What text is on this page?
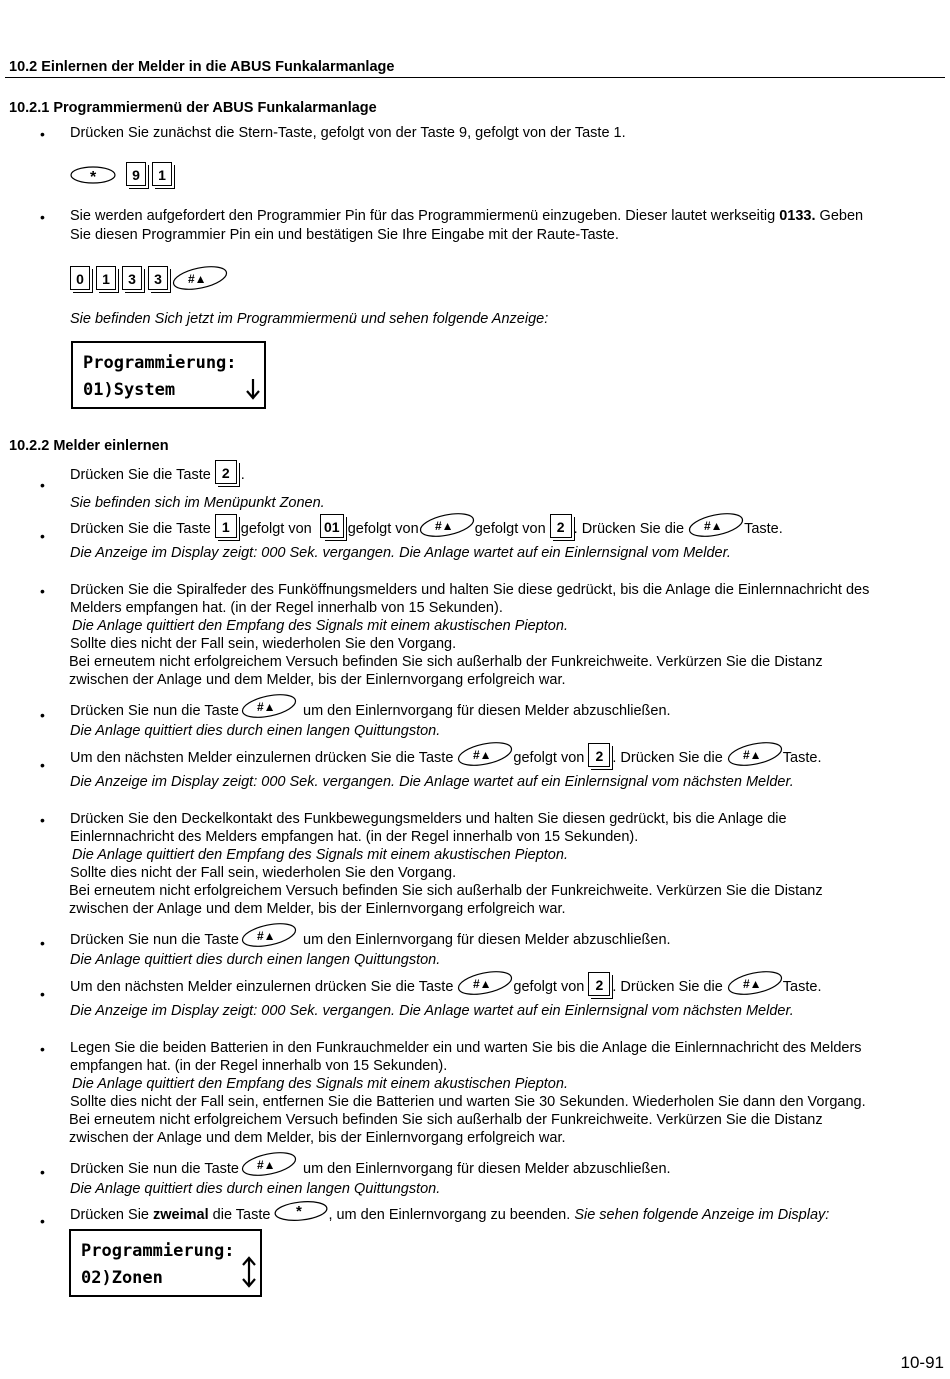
10.2 Einlernen der Melder in die ABUS Funkalarmanlage
10.2.1 Programmiermenü der ABUS Funkalarmanlage
• Drücken Sie zunächst die Stern-Taste, gefolgt von der Taste 9, gefolgt von der Taste 1.
*	9	1
• Sie werden aufgefordert den Programmier Pin für das Programmiermenü einzugeben. Dieser lautet werkseitig 0133. Geben
Sie diesen Programmier Pin ein und bestätigen Sie Ihre Eingabe mit der Raute-Taste.
0	1	3	3	#▲
Sie befinden Sich jetzt im Programmiermenü und sehen folgende Anzeige:
Programmierung:
01)System
10.2.2 Melder einlernen
•
Drücken Sie die Taste 2 .
Sie befinden sich im Menüpunkt Zonen.
• Drücken Sie die Taste 1 gefolgt von 01 gefolgt von #▲ gefolgt von 2 . Drücken Sie die #▲ Taste.
Die Anzeige im Display zeigt: 000 Sek. vergangen. Die Anlage wartet auf ein Einlernsignal vom Melder.
• Drücken Sie die Spiralfeder des Funköffnungsmelders und halten Sie diese gedrückt, bis die Anlage die Einlernnachricht des
Melders empfangen hat. (in der Regel innerhalb von 15 Sekunden).
Die Anlage quittiert den Empfang des Signals mit einem akustischen Piepton.
Sollte dies nicht der Fall sein, wiederholen Sie den Vorgang.
Bei erneutem nicht erfolgreichem Versuch befinden Sie sich außerhalb der Funkreichweite. Verkürzen Sie die Distanz
zwischen der Anlage und dem Melder, bis der Einlernvorgang erfolgreich war.
• Drücken Sie nun die Taste #▲ um den Einlernvorgang für diesen Melder abzuschließen.
Die Anlage quittiert dies durch einen langen Quittungston.
• Um den nächsten Melder einzulernen drücken Sie die Taste #▲ gefolgt von 2 . Drücken Sie die #▲ Taste.
Die Anzeige im Display zeigt: 000 Sek. vergangen. Die Anlage wartet auf ein Einlernsignal vom nächsten Melder.
• Drücken Sie den Deckelkontakt des Funkbewegungsmelders und halten Sie diesen gedrückt, bis die Anlage die
Einlernnachricht des Melders empfangen hat. (in der Regel innerhalb von 15 Sekunden).
Die Anlage quittiert den Empfang des Signals mit einem akustischen Piepton.
Sollte dies nicht der Fall sein, wiederholen Sie den Vorgang.
Bei erneutem nicht erfolgreichem Versuch befinden Sie sich außerhalb der Funkreichweite. Verkürzen Sie die Distanz
zwischen der Anlage und dem Melder, bis der Einlernvorgang erfolgreich war.
• Drücken Sie nun die Taste #▲ um den Einlernvorgang für diesen Melder abzuschließen.
Die Anlage quittiert dies durch einen langen Quittungston.
• Um den nächsten Melder einzulernen drücken Sie die Taste #▲ gefolgt von 2 . Drücken Sie die #▲ Taste.
Die Anzeige im Display zeigt: 000 Sek. vergangen. Die Anlage wartet auf ein Einlernsignal vom nächsten Melder.
• Legen Sie die beiden Batterien in den Funkrauchmelder ein und warten Sie bis die Anlage die Einlernnachricht des Melders
empfangen hat. (in der Regel innerhalb von 15 Sekunden).
Die Anlage quittiert den Empfang des Signals mit einem akustischen Piepton.
Sollte dies nicht der Fall sein, entfernen Sie die Batterien und warten Sie 30 Sekunden. Wiederholen Sie dann den Vorgang.
Bei erneutem nicht erfolgreichem Versuch befinden Sie sich außerhalb der Funkreichweite. Verkürzen Sie die Distanz
zwischen der Anlage und dem Melder, bis der Einlernvorgang erfolgreich war.
• Drücken Sie nun die Taste #▲ um den Einlernvorgang für diesen Melder abzuschließen.
Die Anlage quittiert dies durch einen langen Quittungston.
• Drücken Sie zweimal die Taste * , um den Einlernvorgang zu beenden. Sie sehen folgende Anzeige im Display:
Programmierung:
02)Zonen
10-91
